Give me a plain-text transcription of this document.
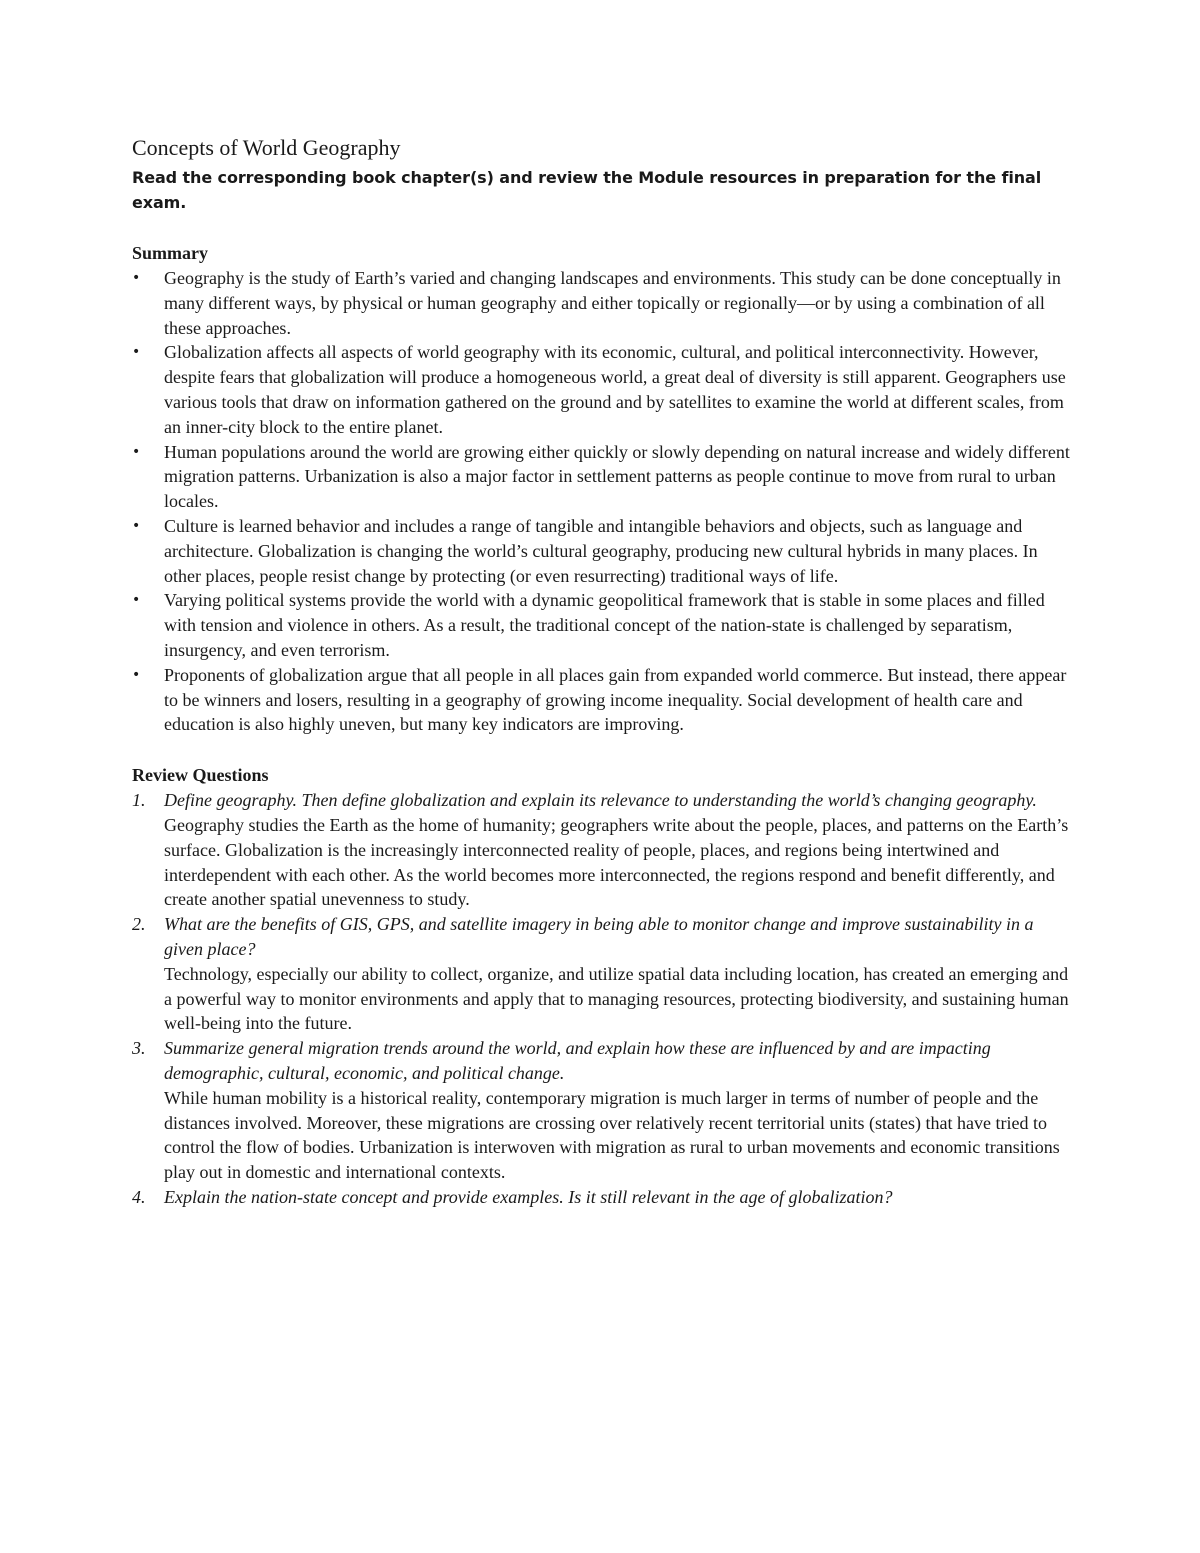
Concepts of World Geography

Read the corresponding book chapter(s) and review the Module resources in preparation for the final exam.

Summary
• Geography is the study of Earth’s varied and changing landscapes and environments. This study can be done conceptually in many different ways, by physical or human geography and either topically or regionally—or by using a combination of all these approaches.
• Globalization affects all aspects of world geography with its economic, cultural, and political interconnectivity. However, despite fears that globalization will produce a homogeneous world, a great deal of diversity is still apparent. Geographers use various tools that draw on information gathered on the ground and by satellites to examine the world at different scales, from an inner-city block to the entire planet.
• Human populations around the world are growing either quickly or slowly depending on natural increase and widely different migration patterns. Urbanization is also a major factor in settlement patterns as people continue to move from rural to urban locales.
• Culture is learned behavior and includes a range of tangible and intangible behaviors and objects, such as language and architecture. Globalization is changing the world’s cultural geography, producing new cultural hybrids in many places. In other places, people resist change by protecting (or even resurrecting) traditional ways of life.
• Varying political systems provide the world with a dynamic geopolitical framework that is stable in some places and filled with tension and violence in others. As a result, the traditional concept of the nation-state is challenged by separatism, insurgency, and even terrorism.
• Proponents of globalization argue that all people in all places gain from expanded world commerce. But instead, there appear to be winners and losers, resulting in a geography of growing income inequality. Social development of health care and education is also highly uneven, but many key indicators are improving.
Review Questions
1. Define geography. Then define globalization and explain its relevance to understanding the world’s changing geography.
Geography studies the Earth as the home of humanity; geographers write about the people, places, and patterns on the Earth’s surface. Globalization is the increasingly interconnected reality of people, places, and regions being intertwined and interdependent with each other. As the world becomes more interconnected, the regions respond and benefit differently, and create another spatial unevenness to study.
2. What are the benefits of GIS, GPS, and satellite imagery in being able to monitor change and improve sustainability in a given place?
Technology, especially our ability to collect, organize, and utilize spatial data including location, has created an emerging and a powerful way to monitor environments and apply that to managing resources, protecting biodiversity, and sustaining human well-being into the future.
3. Summarize general migration trends around the world, and explain how these are influenced by and are impacting demographic, cultural, economic, and political change.
While human mobility is a historical reality, contemporary migration is much larger in terms of number of people and the distances involved. Moreover, these migrations are crossing over relatively recent territorial units (states) that have tried to control the flow of bodies. Urbanization is interwoven with migration as rural to urban movements and economic transitions play out in domestic and international contexts.
4. Explain the nation-state concept and provide examples. Is it still relevant in the age of globalization?
